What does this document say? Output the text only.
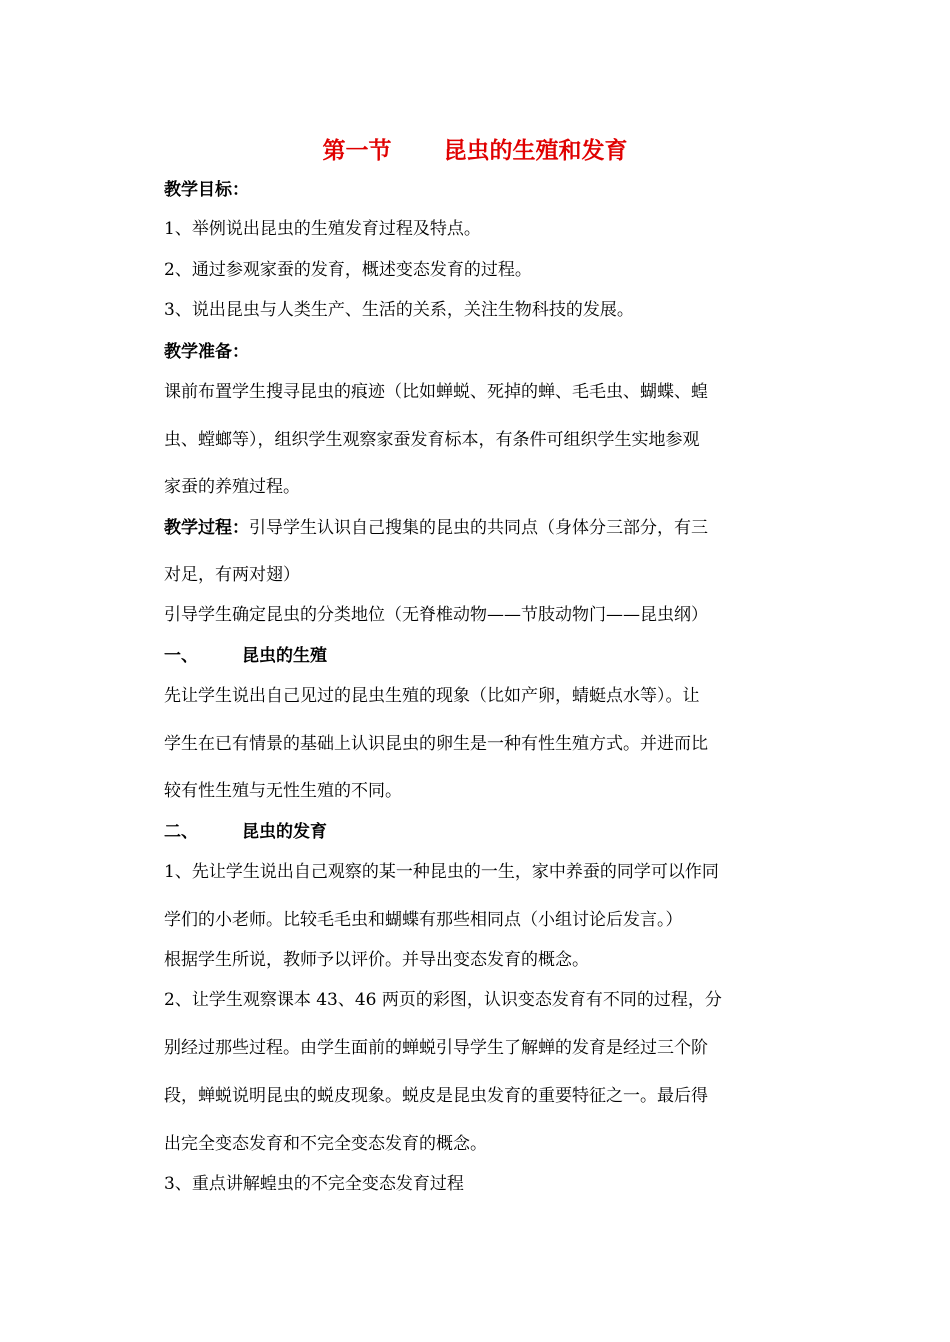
第一节 昆虫的生殖和发育
教学目标：
1、举例说出昆虫的生殖发育过程及特点。
2、通过参观家蚕的发育，概述变态发育的过程。
3、说出昆虫与人类生产、生活的关系，关注生物科技的发展。
教学准备：
课前布置学生搜寻昆虫的痕迹（比如蝉蜕、死掉的蝉、毛毛虫、蝴蝶、蝗
虫、螳螂等），组织学生观察家蚕发育标本，有条件可组织学生实地参观
家蚕的养殖过程。
教学过程：引导学生认识自己搜集的昆虫的共同点（身体分三部分，有三
对足，有两对翅）
引导学生确定昆虫的分类地位（无脊椎动物——节肢动物门——昆虫纲）
一、	昆虫的生殖
先让学生说出自己见过的昆虫生殖的现象（比如产卵，蜻蜓点水等）。让
学生在已有情景的基础上认识昆虫的卵生是一种有性生殖方式。并进而比
较有性生殖与无性生殖的不同。
二、	昆虫的发育
1、先让学生说出自己观察的某一种昆虫的一生，家中养蚕的同学可以作同
学们的小老师。比较毛毛虫和蝴蝶有那些相同点（小组讨论后发言。）
根据学生所说，教师予以评价。并导出变态发育的概念。
2、让学生观察课本 43、46 两页的彩图，认识变态发育有不同的过程，分
别经过那些过程。由学生面前的蝉蜕引导学生了解蝉的发育是经过三个阶
段，蝉蜕说明昆虫的蜕皮现象。蜕皮是昆虫发育的重要特征之一。最后得
出完全变态发育和不完全变态发育的概念。
3、重点讲解蝗虫的不完全变态发育过程
